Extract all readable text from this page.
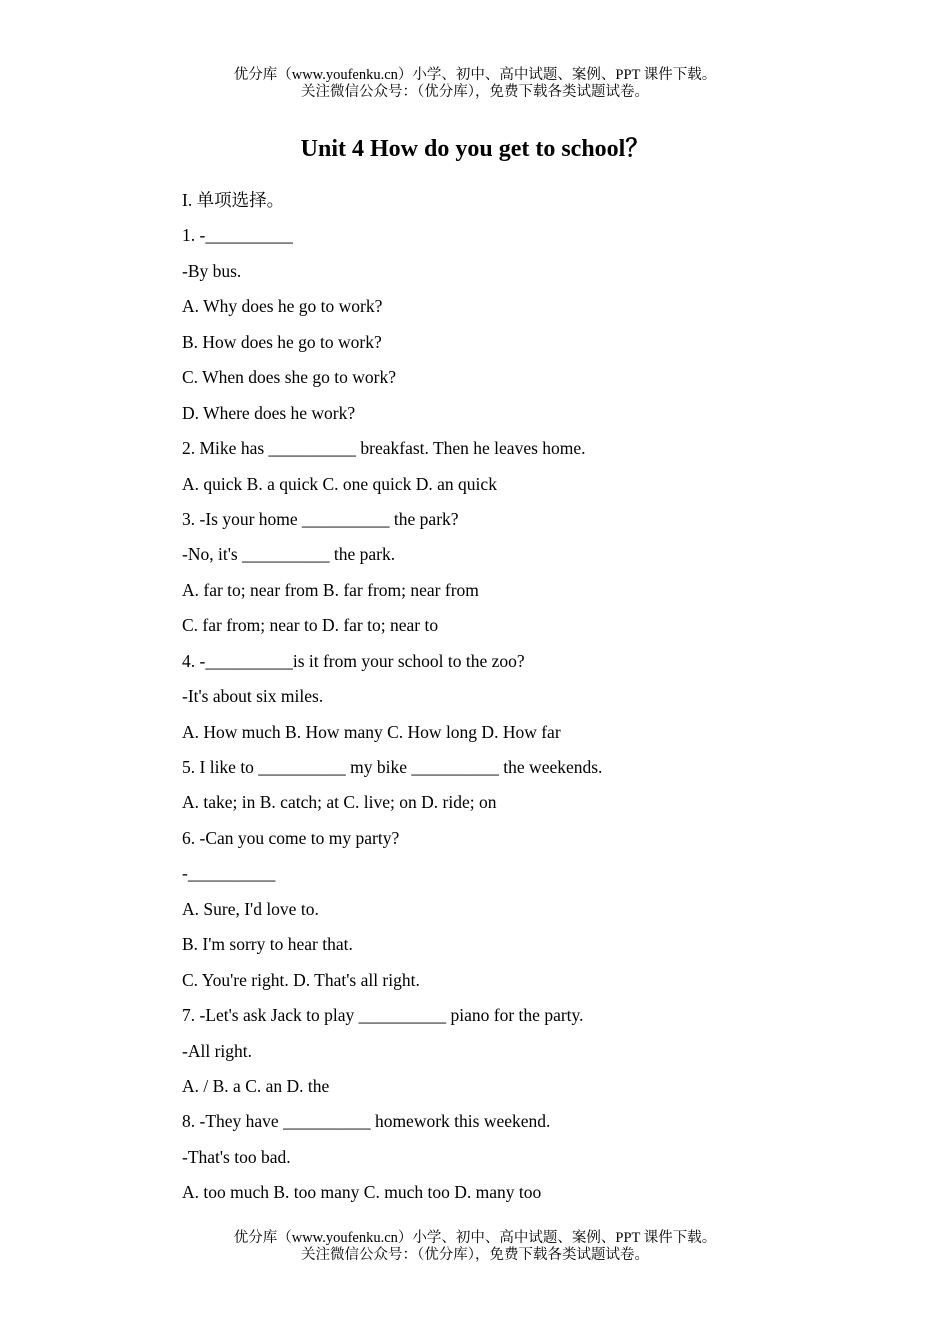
优分库（www.youfenku.cn）小学、初中、高中试题、案例、PPT 课件下载。
关注微信公众号：（优分库），免费下载各类试题试卷。
Unit 4 How do you get to school？
I. 单项选择。
1. -__________
-By bus.
A. Why does he go to work?
B. How does he go to work?
C. When does she go to work?
D. Where does he work?
2. Mike has __________ breakfast. Then he leaves home.
A. quick B. a quick C. one quick D. an quick
3. -Is your home __________ the park?
-No, it's __________ the park.
A. far to; near from B. far from; near from
C. far from; near to D. far to; near to
4. -__________is it from your school to the zoo?
-It's about six miles.
A. How much B. How many C. How long D. How far
5. I like to __________ my bike __________ the weekends.
A. take; in B. catch; at C. live; on D. ride; on
6. -Can you come to my party?
-__________
A. Sure, I'd love to.
B. I'm sorry to hear that.
C. You're right. D. That's all right.
7. -Let's ask Jack to play __________ piano for the party.
-All right.
A. / B. a C. an D. the
8. -They have __________ homework this weekend.
-That's too bad.
A. too much B. too many C. much too D. many too
优分库（www.youfenku.cn）小学、初中、高中试题、案例、PPT 课件下载。
关注微信公众号：（优分库），免费下载各类试题试卷。
